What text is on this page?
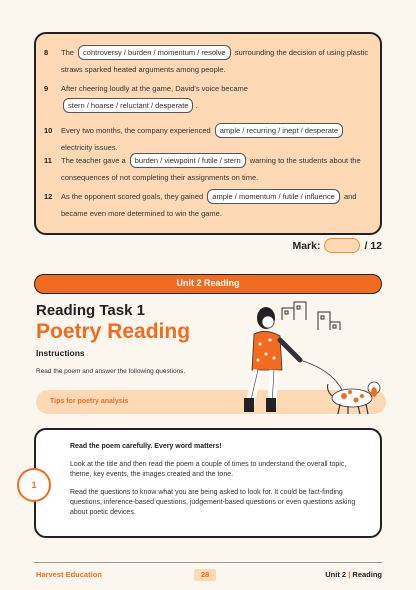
8 The controversy / burden / momentum / resolve surrounding the decision of using plastic straws sparked heated arguments among people.
9 After cheering loudly at the game, David's voice became stern / hoarse / reluctant / desperate .
10 Every two months, the company experienced ample / recurring / inept / desperate electricity issues.
11 The teacher gave a burden / viewpoint / futile / stern warning to the students about the consequences of not completing their assignments on time.
12 As the opponent scored goals, they gained ample / momentum / futile / influence and became even more determined to win the game.
Mark:	/ 12
Unit 2 Reading
Reading Task 1
Poetry Reading
Instructions
Read the poem and answer the following questions.
Tips for poetry analysis

Read the poem carefully. Every word matters!

Look at the title and then read the poem a couple of times to understand the overall topic, theme, key events, the images created and the tone.

Read the questions to know what you are being asked to look for. It could be fact-finding questions, inference-based questions, judgement-based questions or even questions asking about poetic devices.

1
Harvest Education	28	Unit 2 | Reading
